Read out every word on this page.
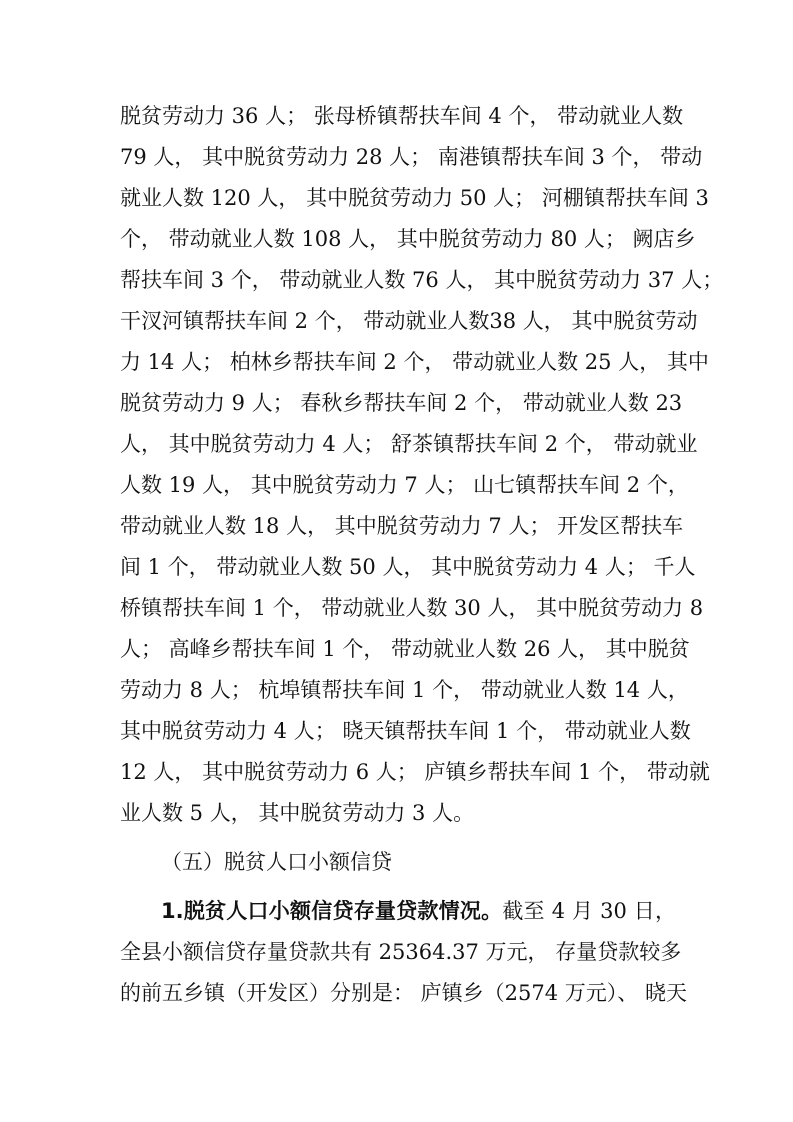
脱贫劳动力 36 人； 张母桥镇帮扶车间 4 个， 带动就业人数
79 人， 其中脱贫劳动力 28 人； 南港镇帮扶车间 3 个， 带动
就业人数 120 人， 其中脱贫劳动力 50 人； 河棚镇帮扶车间 3
个， 带动就业人数 108 人， 其中脱贫劳动力 80 人； 阙店乡
帮扶车间 3 个， 带动就业人数 76 人， 其中脱贫劳动力 37 人；
干汊河镇帮扶车间 2 个， 带动就业人数38 人， 其中脱贫劳动
力 14 人； 柏林乡帮扶车间 2 个， 带动就业人数 25 人， 其中
脱贫劳动力 9 人； 春秋乡帮扶车间 2 个， 带动就业人数 23
人， 其中脱贫劳动力 4 人； 舒茶镇帮扶车间 2 个， 带动就业
人数 19 人， 其中脱贫劳动力 7 人； 山七镇帮扶车间 2 个，
带动就业人数 18 人， 其中脱贫劳动力 7 人； 开发区帮扶车
间 1 个， 带动就业人数 50 人， 其中脱贫劳动力 4 人； 千人
桥镇帮扶车间 1 个， 带动就业人数 30 人， 其中脱贫劳动力 8
人； 高峰乡帮扶车间 1 个， 带动就业人数 26 人， 其中脱贫
劳动力 8 人； 杭埠镇帮扶车间 1 个， 带动就业人数 14 人，
其中脱贫劳动力 4 人； 晓天镇帮扶车间 1 个， 带动就业人数
12 人， 其中脱贫劳动力 6 人； 庐镇乡帮扶车间 1 个， 带动就
业人数 5 人， 其中脱贫劳动力 3 人。
（五）脱贫人口小额信贷
1.脱贫人口小额信贷存量贷款情况。截至 4 月 30 日，
全县小额信贷存量贷款共有 25364.37 万元， 存量贷款较多
的前五乡镇（开发区）分别是： 庐镇乡（2574 万元）、 晓天
